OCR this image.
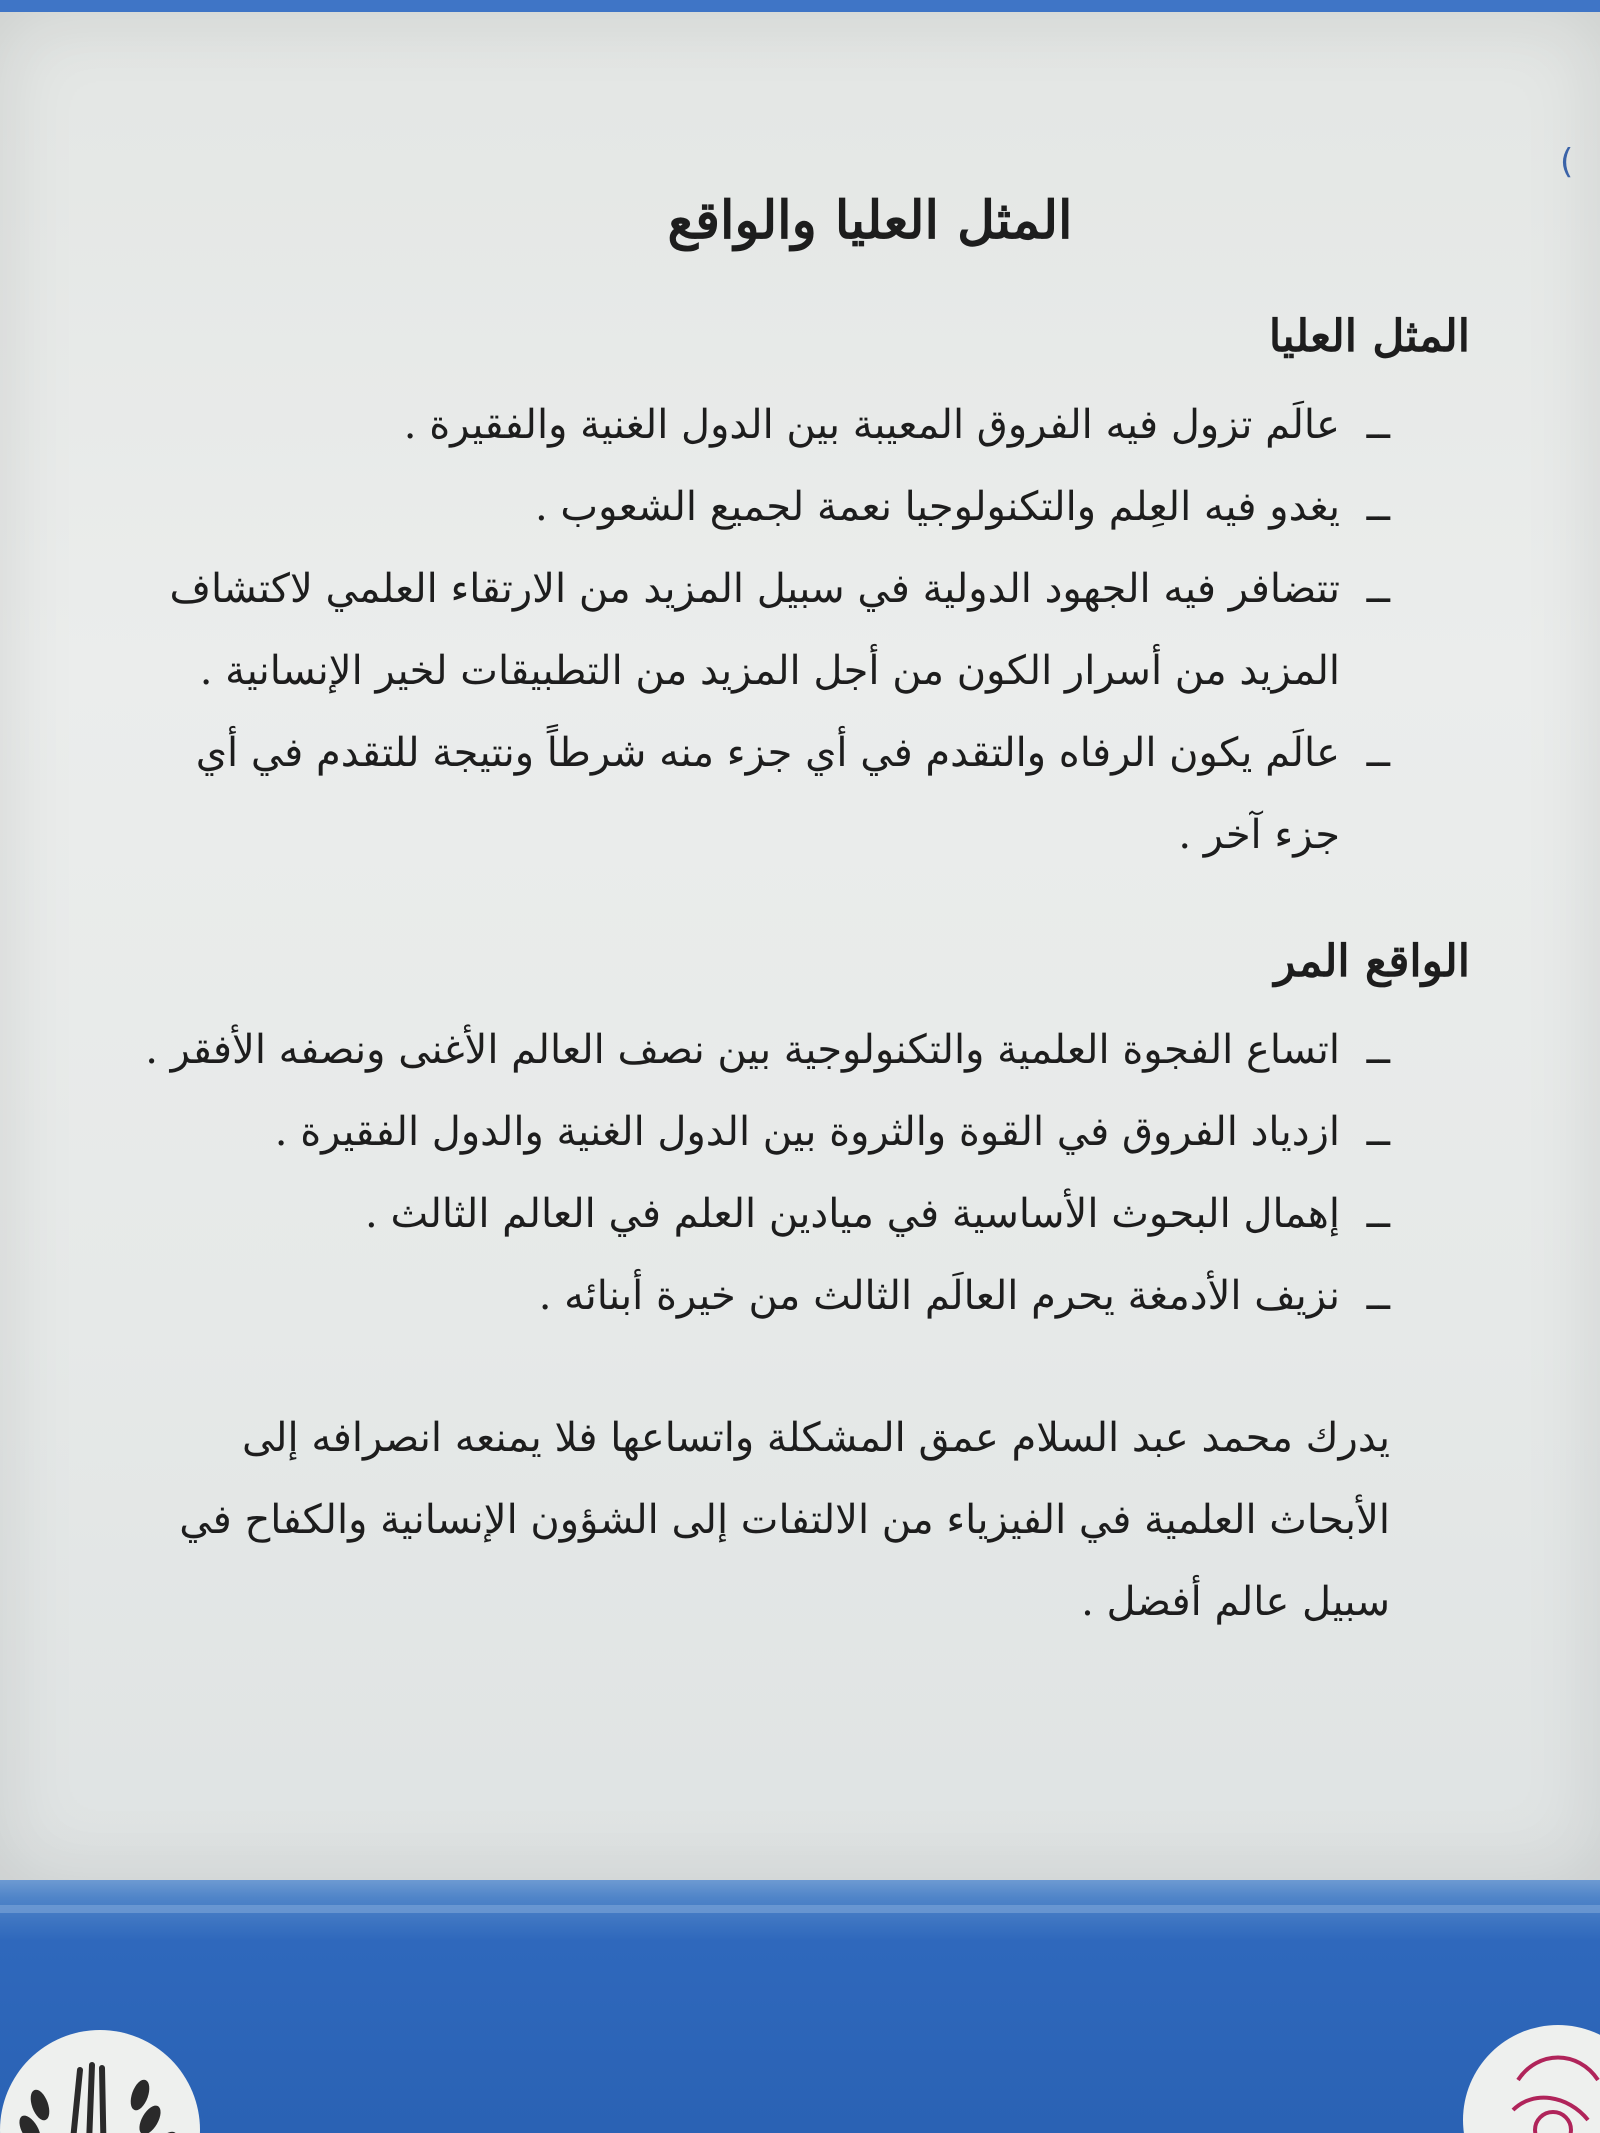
(
المثل العليا والواقع
المثل العليا
ــ
عالَم تزول فيه الفروق المعيبة بين الدول الغنية والفقيرة .
ــ
يغدو فيه العِلم والتكنولوجيا نعمة لجميع الشعوب .
ــ
تتضافر فيه الجهود الدولية في سبيل المزيد من الارتقاء العلمي لاكتشاف المزيد من أسرار الكون من أجل المزيد من التطبيقات لخير الإنسانية .
ــ
عالَم يكون الرفاه والتقدم في أي جزء منه شرطاً ونتيجة للتقدم في أي جزء آخر .
الواقع المر
ــ
اتساع الفجوة العلمية والتكنولوجية بين نصف العالم الأغنى ونصفه الأفقر .
ــ
ازدياد الفروق في القوة والثروة بين الدول الغنية والدول الفقيرة .
ــ
إهمال البحوث الأساسية في ميادين العلم في العالم الثالث .
ــ
نزيف الأدمغة يحرم العالَم الثالث من خيرة أبنائه .

يدرك محمد عبد السلام عمق المشكلة واتساعها فلا يمنعه انصرافه إلى الأبحاث العلمية في الفيزياء من الالتفات إلى الشؤون الإنسانية والكفاح في سبيل عالم أفضل .
